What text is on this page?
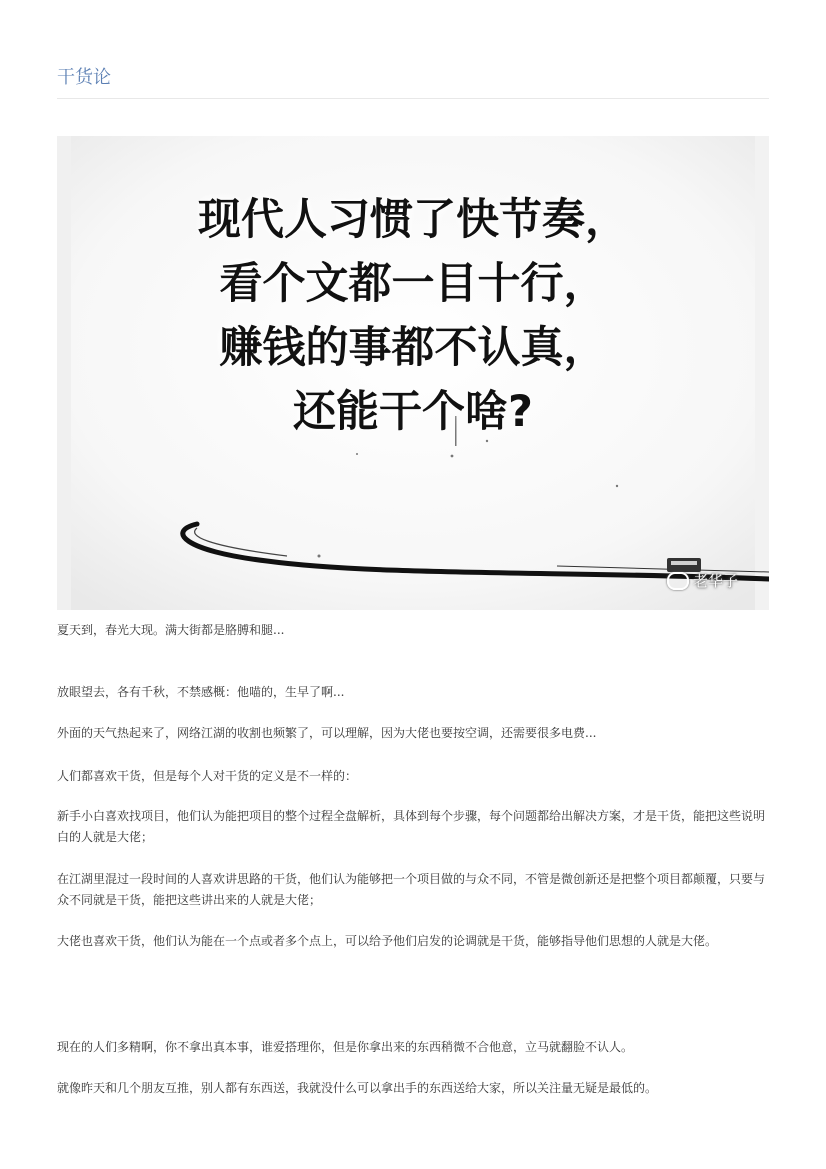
干货论
现代人习惯了快节奏，
看个文都一目十行，
赚钱的事都不认真，
还能干个啥?
老华子

夏天到，春光大现。满大街都是胳膊和腿...

放眼望去，各有千秋，不禁感概：他喵的，生早了啊...

外面的天气热起来了，网络江湖的收割也频繁了，可以理解，因为大佬也要按空调，还需要很多电费...

人们都喜欢干货，但是每个人对干货的定义是不一样的：

新手小白喜欢找项目，他们认为能把项目的整个过程全盘解析，具体到每个步骤，每个问题都给出解决方案，才是干货，能把这些说明白的人就是大佬；

在江湖里混过一段时间的人喜欢讲思路的干货，他们认为能够把一个项目做的与众不同，不管是微创新还是把整个项目都颠覆，只要与众不同就是干货，能把这些讲出来的人就是大佬；

大佬也喜欢干货，他们认为能在一个点或者多个点上，可以给予他们启发的论调就是干货，能够指导他们思想的人就是大佬。

现在的人们多精啊，你不拿出真本事，谁爱搭理你，但是你拿出来的东西稍微不合他意，立马就翻脸不认人。

就像昨天和几个朋友互推，别人都有东西送，我就没什么可以拿出手的东西送给大家，所以关注量无疑是最低的。
